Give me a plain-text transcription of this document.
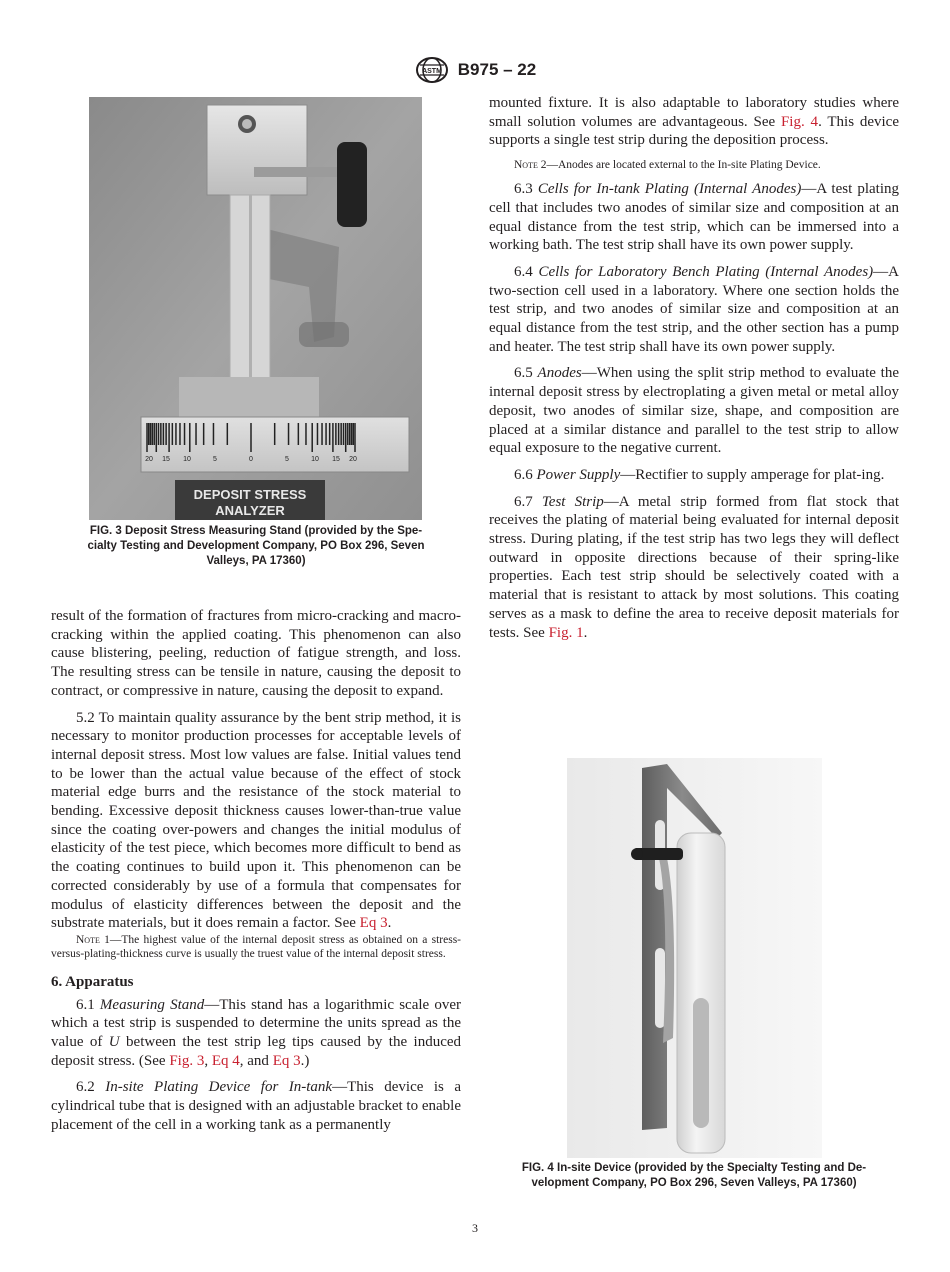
ASTM B975 – 22
20 15 10	5	0	5	10 15 20
DEPOSIT STRESS
ANALYZER
FIG. 3 Deposit Stress Measuring Stand (provided by the Spe-
cialty Testing and Development Company, PO Box 296, Seven
Valleys, PA 17360)

result of the formation of fractures from micro-cracking and macro-cracking within the applied coating. This phenomenon can also cause blistering, peeling, reduction of fatigue strength, and loss. The resulting stress can be tensile in nature, causing the deposit to contract, or compressive in nature, causing the deposit to expand.

5.2 To maintain quality assurance by the bent strip method, it is necessary to monitor production processes for acceptable levels of internal deposit stress. Most low values are false. Initial values tend to be lower than the actual value because of the effect of stock material edge burrs and the resistance of the stock material to bending. Excessive deposit thickness causes lower-than-true value since the coating over-powers and changes the initial modulus of elasticity of the test piece, which becomes more difficult to bend as the coating continues to build upon it. This phenomenon can be corrected considerably by use of a formula that compensates for modulus of elasticity differences between the deposit and the substrate materials, but it does remain a factor. See Eq 3.

Note 1—The highest value of the internal deposit stress as obtained on a stress-versus-plating-thickness curve is usually the truest value of the internal deposit stress.

6. Apparatus

6.1 Measuring Stand—This stand has a logarithmic scale over which a test strip is suspended to determine the units spread as the value of U between the test strip leg tips caused by the induced deposit stress. (See Fig. 3, Eq 4, and Eq 3.)

6.2 In-site Plating Device for In-tank—This device is a cylindrical tube that is designed with an adjustable bracket to enable placement of the cell in a working tank as a permanently

mounted fixture. It is also adaptable to laboratory studies where small solution volumes are advantageous. See Fig. 4. This device supports a single test strip during the deposition process.

Note 2—Anodes are located external to the In-site Plating Device.

6.3 Cells for In-tank Plating (Internal Anodes)—A test plating cell that includes two anodes of similar size and composition at an equal distance from the test strip, which can be immersed into a working bath. The test strip shall have its own power supply.

6.4 Cells for Laboratory Bench Plating (Internal Anodes)—A two-section cell used in a laboratory. Where one section holds the test strip, and two anodes of similar size and composition at an equal distance from the test strip, and the other section has a pump and heater. The test strip shall have its own power supply.

6.5 Anodes—When using the split strip method to evaluate the internal deposit stress by electroplating a given metal or metal alloy deposit, two anodes of similar size, shape, and composition are placed at a similar distance and parallel to the test strip to allow equal exposure to the negative current.

6.6 Power Supply—Rectifier to supply amperage for plat-ing.

6.7 Test Strip—A metal strip formed from flat stock that receives the plating of material being evaluated for internal deposit stress. During plating, if the test strip has two legs they will deflect outward in opposite directions because of their spring-like properties. Each test strip should be selectively coated with a material that is resistant to attack by most solutions. This coating serves as a mask to define the area to receive deposit materials for tests. See Fig. 1.

FIG. 4 In-site Device (provided by the Specialty Testing and De-
velopment Company, PO Box 296, Seven Valleys, PA 17360)
3
